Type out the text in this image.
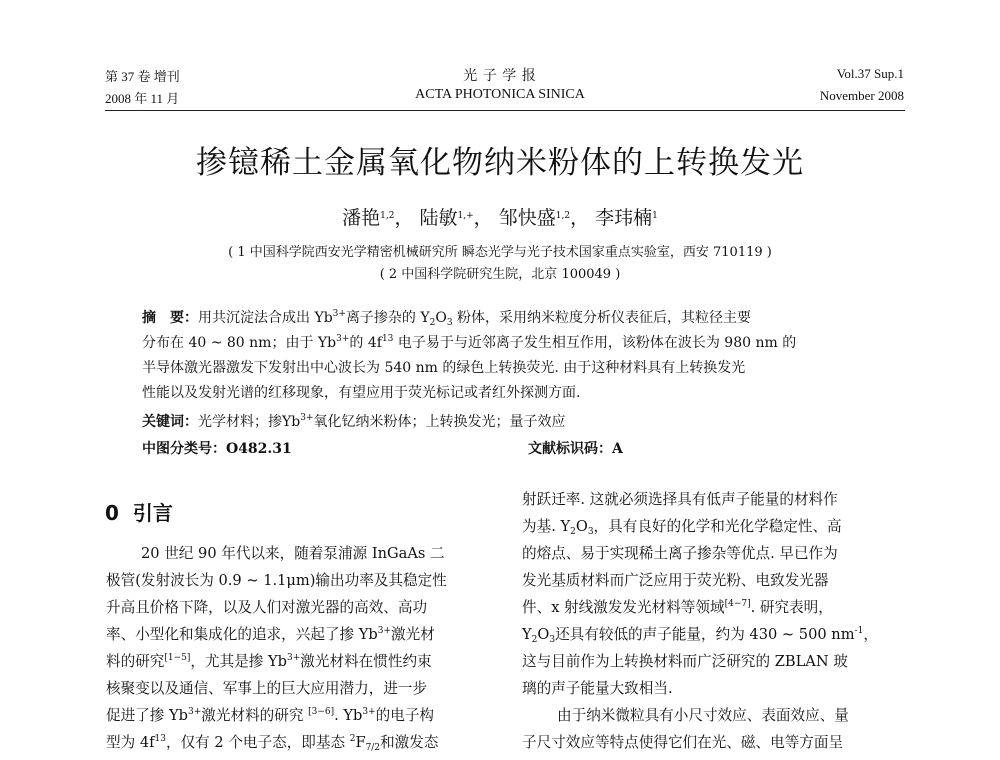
第 37 卷 增刊
2008 年 11 月
光 子 学 报
ACTA PHOTONICA SINICA
Vol.37 Sup.1
November 2008
掺镱稀土金属氧化物纳米粉体的上转换发光
潘艳$^{1,2}$， 陆敏$^{1,+}$， 邹快盛$^{1,2}$， 李玮楠$^1$
( 1 中国科学院西安光学精密机械研究所 瞬态光学与光子技术国家重点实验室，西安 710119 )
( 2 中国科学院研究生院，北京 100049 )
摘　要：用共沉淀法合成出 $Yb^{3+}$离子掺杂的 $Y_2O_3$ 粉体，采用纳米粒度分析仪表征后，其粒径主要
分布在 40 ~ 80 nm；由于 $Yb^{3+}$的 $4f^{13}$ 电子易于与近邻离子发生相互作用，该粉体在波长为 980 nm 的
半导体激光器激发下发射出中心波长为 540 nm 的绿色上转换荧光. 由于这种材料具有上转换发光
性能以及发射光谱的红移现象，有望应用于荧光标记或者红外探测方面.
关键词：光学材料；掺$Yb^{3+}$氧化钇纳米粉体；上转换发光；量子效应
中图分类号：O482.31	文献标识码：A
0 引言
20 世纪 90 年代以来，随着泵浦源 InGaAs 二
极管(发射波长为 0.9 ~ 1.1μm)输出功率及其稳定性
升高且价格下降，以及人们对激光器的高效、高功
率、小型化和集成化的追求，兴起了掺 $Yb^{3+}$激光材
料的研究[1−5]，尤其是掺 $Yb^{3+}$激光材料在惯性约束
核聚变以及通信、军事上的巨大应用潜力，进一步
促进了掺 $Yb^{3+}$激光材料的研究 [3−6]. $Yb^{3+}$的电子构
型为 $4f^{13}$，仅有 2 个电子态，即基态 $^2F_{7/2}$和激发态
射跃迁率. 这就必须选择具有低声子能量的材料作
为基. $Y_2O_3$，具有良好的化学和光化学稳定性、高
的熔点、易于实现稀土离子掺杂等优点. 早已作为
发光基质材料而广泛应用于荧光粉、电致发光器
件、x 射线激发发光材料等领域[4−7]. 研究表明，
$Y_2O_3$还具有较低的声子能量，约为 430 ~ 500 $nm^{-1}$，
这与目前作为上转换材料而广泛研究的 ZBLAN 玻
璃的声子能量大致相当.
由于纳米微粒具有小尺寸效应、表面效应、量
子尺寸效应等特点使得它们在光、磁、电等方面呈
